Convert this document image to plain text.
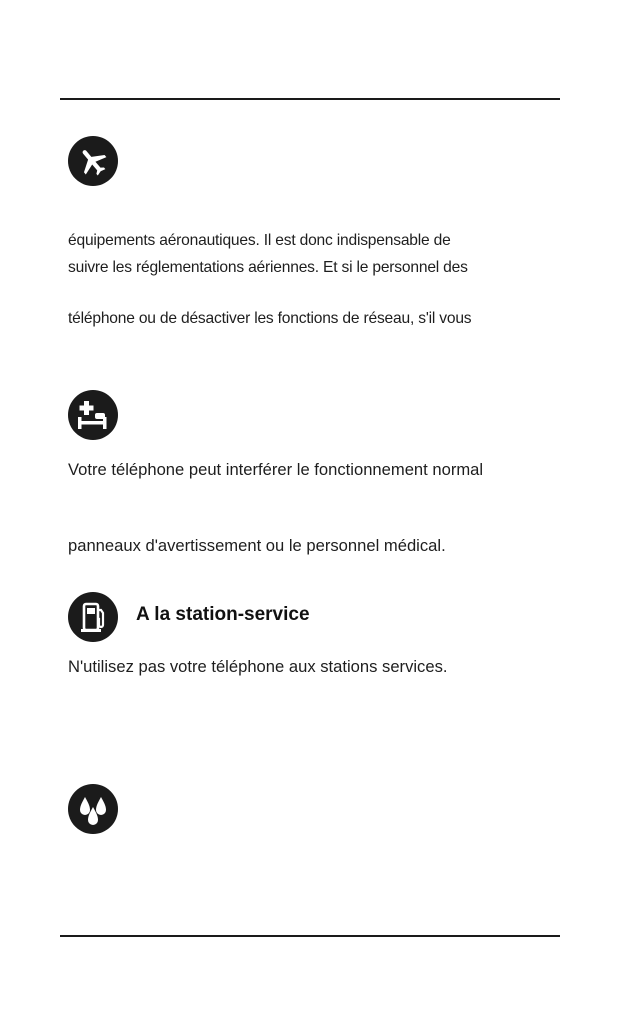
équipements aéronautiques. Il est donc indispensable de
suivre les réglementations aériennes. Et si le personnel des
téléphone ou de désactiver les fonctions de réseau, s'il vous
Votre téléphone peut interférer le fonctionnement normal
panneaux d'avertissement ou le personnel médical.
A la station-service
N'utilisez pas votre téléphone aux stations services.
